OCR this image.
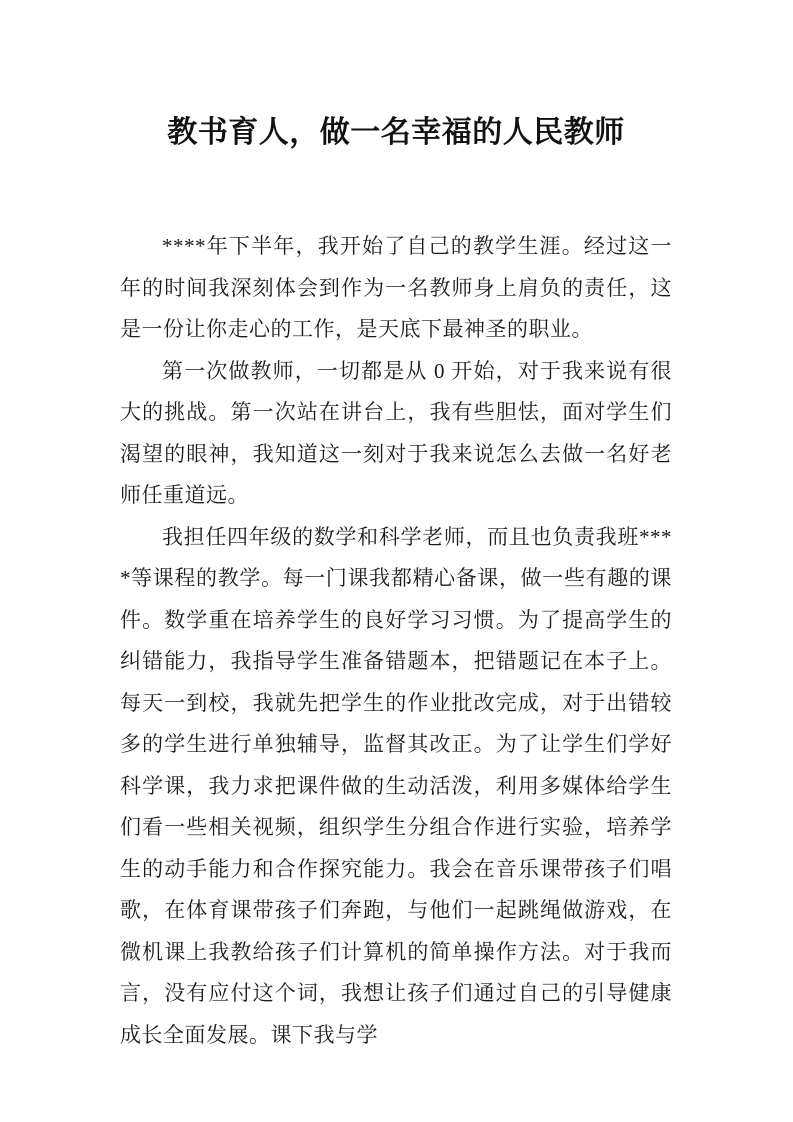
教书育人，做一名幸福的人民教师

****年下半年，我开始了自己的教学生涯。经过这一年的时间我深刻体会到作为一名教师身上肩负的责任，这是一份让你走心的工作，是天底下最神圣的职业。

第一次做教师，一切都是从 0 开始，对于我来说有很大的挑战。第一次站在讲台上，我有些胆怯，面对学生们渴望的眼神，我知道这一刻对于我来说怎么去做一名好老师任重道远。

我担任四年级的数学和科学老师，而且也负责我班****等课程的教学。每一门课我都精心备课，做一些有趣的课件。数学重在培养学生的良好学习习惯。为了提高学生的纠错能力，我指导学生准备错题本，把错题记在本子上。每天一到校，我就先把学生的作业批改完成，对于出错较多的学生进行单独辅导，监督其改正。为了让学生们学好科学课，我力求把课件做的生动活泼，利用多媒体给学生们看一些相关视频，组织学生分组合作进行实验，培养学生的动手能力和合作探究能力。我会在音乐课带孩子们唱歌，在体育课带孩子们奔跑，与他们一起跳绳做游戏，在微机课上我教给孩子们计算机的简单操作方法。对于我而言，没有应付这个词，我想让孩子们通过自己的引导健康成长全面发展。课下我与学
